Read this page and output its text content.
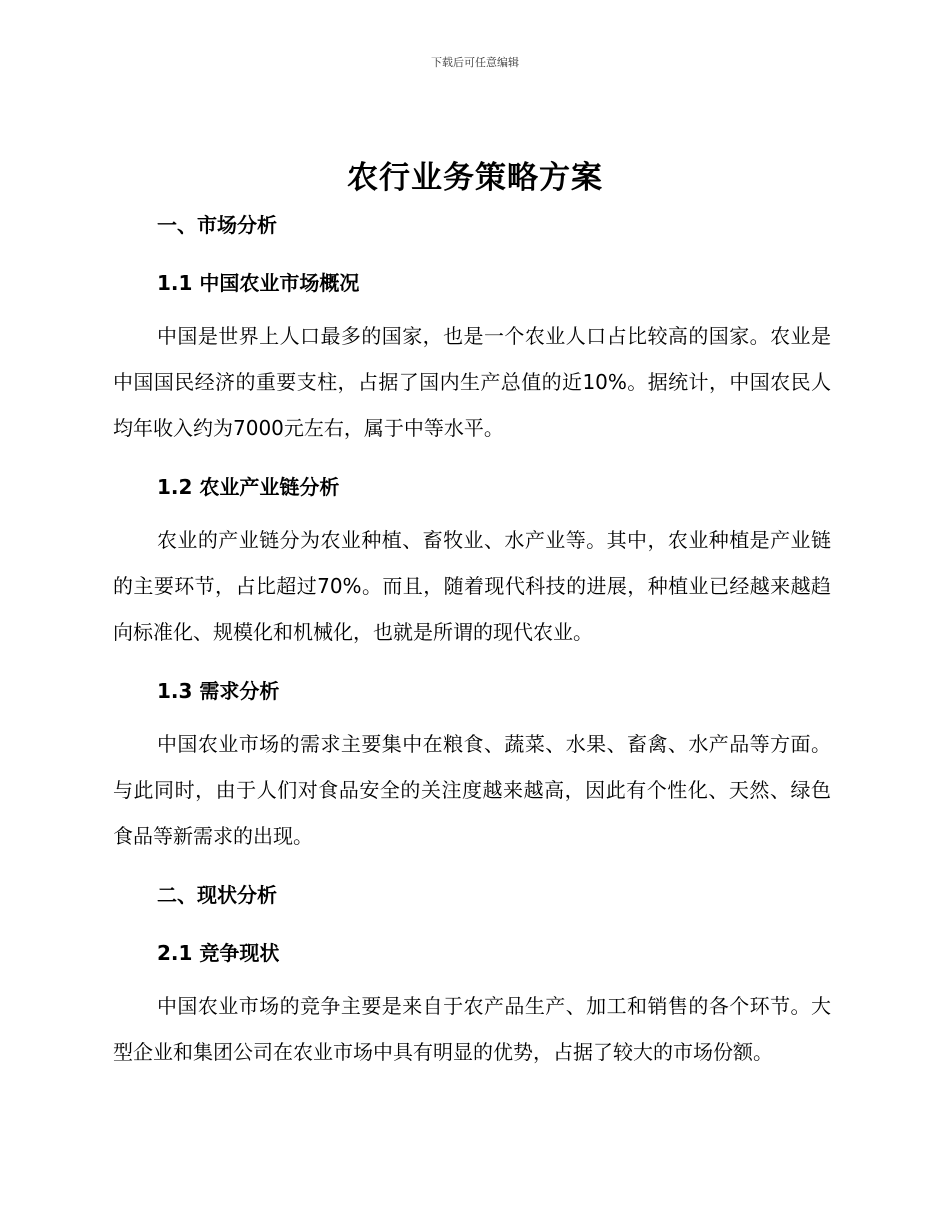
下载后可任意编辑
农行业务策略方案
一、市场分析
1.1 中国农业市场概况
中国是世界上人口最多的国家，也是一个农业人口占比较高的国家。农业是中国国民经济的重要支柱，占据了国内生产总值的近10%。据统计，中国农民人均年收入约为7000元左右，属于中等水平。
1.2 农业产业链分析
农业的产业链分为农业种植、畜牧业、水产业等。其中，农业种植是产业链的主要环节，占比超过70%。而且，随着现代科技的进展，种植业已经越来越趋向标准化、规模化和机械化，也就是所谓的现代农业。
1.3 需求分析
中国农业市场的需求主要集中在粮食、蔬菜、水果、畜禽、水产品等方面。与此同时，由于人们对食品安全的关注度越来越高，因此有个性化、天然、绿色食品等新需求的出现。
二、现状分析
2.1 竞争现状
中国农业市场的竞争主要是来自于农产品生产、加工和销售的各个环节。大型企业和集团公司在农业市场中具有明显的优势，占据了较大的市场份额。
